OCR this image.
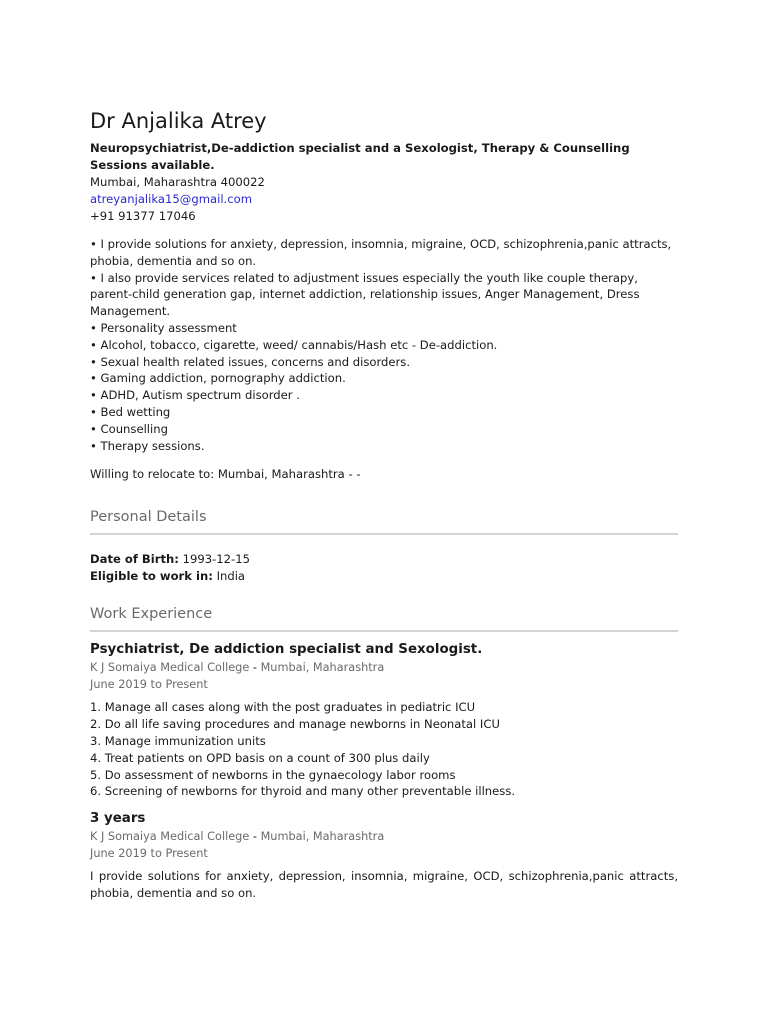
Dr Anjalika Atrey
Neuropsychiatrist,De-addiction specialist and a Sexologist, Therapy & Counselling Sessions available.
Mumbai, Maharashtra 400022
atreyanjalika15@gmail.com
+91 91377 17046
• I provide solutions for anxiety, depression, insomnia, migraine, OCD, schizophrenia,panic attracts, phobia, dementia and so on.
• I also provide services related to adjustment issues especially the youth like couple therapy, parent-child generation gap, internet addiction, relationship issues, Anger Management, Dress Management.
• Personality assessment
• Alcohol, tobacco, cigarette, weed/ cannabis/Hash etc - De-addiction.
• Sexual health related issues, concerns and disorders.
• Gaming addiction, pornography addiction.
• ADHD, Autism spectrum disorder .
• Bed wetting
• Counselling
• Therapy sessions.
Willing to relocate to: Mumbai, Maharashtra - -
Personal Details
Date of Birth: 1993-12-15
Eligible to work in: India
Work Experience
Psychiatrist, De addiction specialist and Sexologist.
K J Somaiya Medical College - Mumbai, Maharashtra
June 2019 to Present
1. Manage all cases along with the post graduates in pediatric ICU
2. Do all life saving procedures and manage newborns in Neonatal ICU
3. Manage immunization units
4. Treat patients on OPD basis on a count of 300 plus daily
5. Do assessment of newborns in the gynaecology labor rooms
6. Screening of newborns for thyroid and many other preventable illness.
3 years
K J Somaiya Medical College - Mumbai, Maharashtra
June 2019 to Present
I provide solutions for anxiety, depression, insomnia, migraine, OCD, schizophrenia,panic attracts, phobia, dementia and so on.
